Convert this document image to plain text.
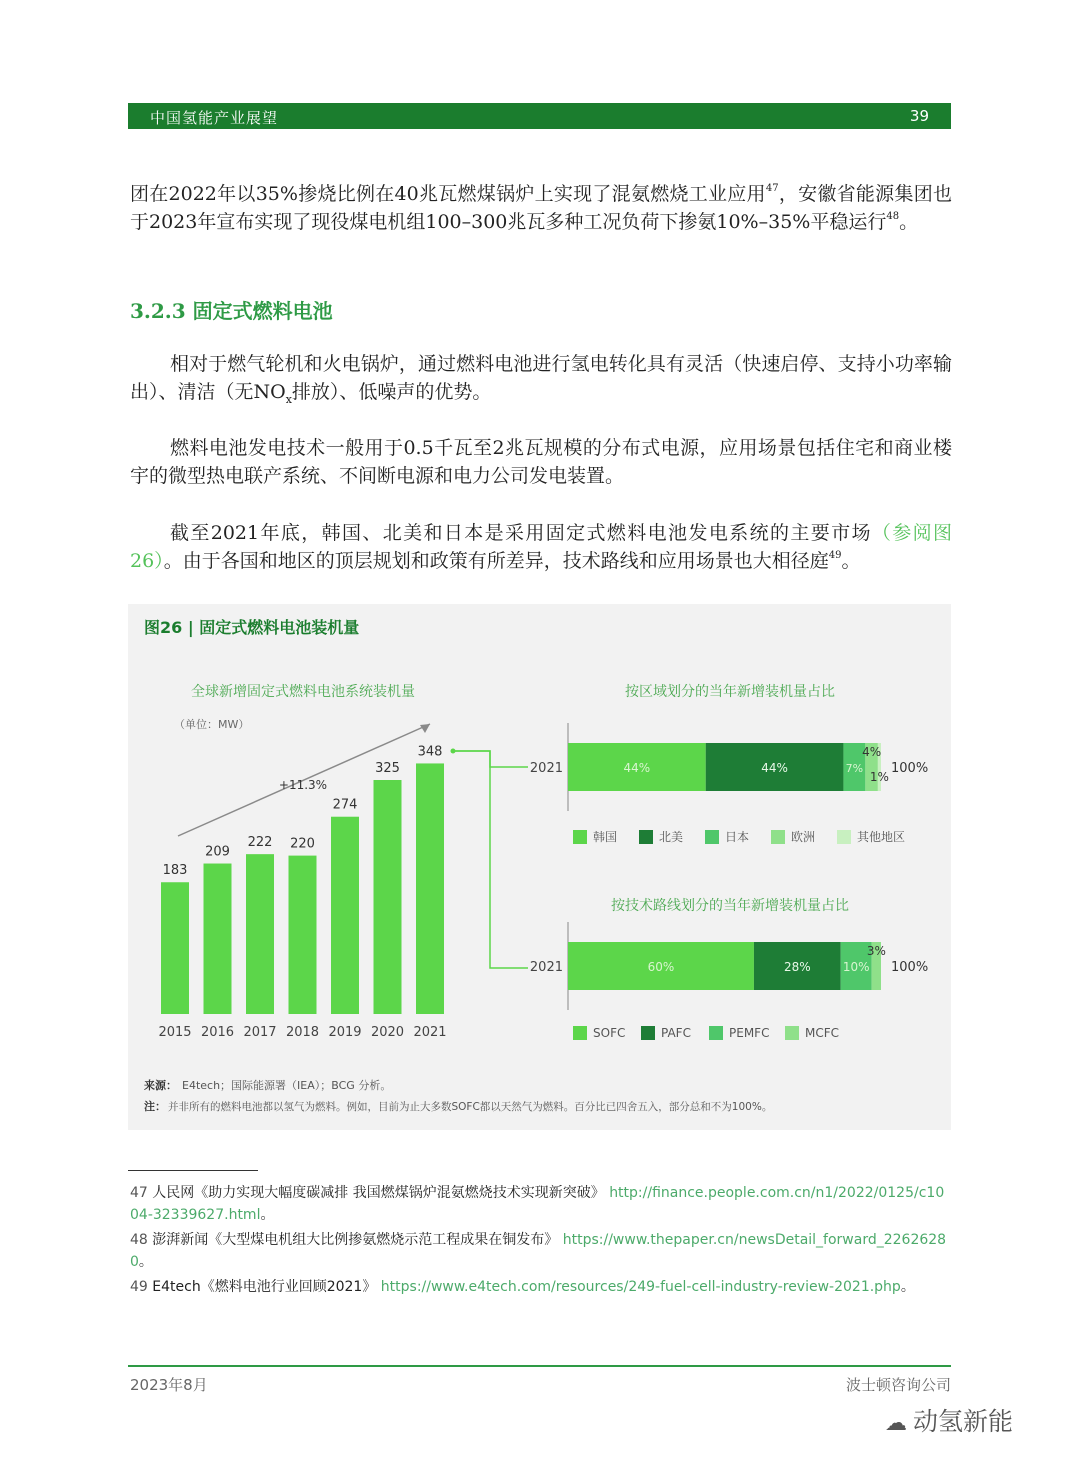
中国氢能产业展望	39

团在2022年以35%掺烧比例在40兆瓦燃煤锅炉上实现了混氨燃烧工业应用$^{47}$，安徽省能源集团也于2023年宣布实现了现役煤电机组100–300兆瓦多种工况负荷下掺氨10%–35%平稳运行$^{48}$。

3.2.3 固定式燃料电池

相对于燃气轮机和火电锅炉，通过燃料电池进行氢电转化具有灵活（快速启停、支持小功率输出）、清洁（无$NO_x$排放）、低噪声的优势。

燃料电池发电技术一般用于0.5千瓦至2兆瓦规模的分布式电源，应用场景包括住宅和商业楼宇的微型热电联产系统、不间断电源和电力公司发电装置。

截至2021年底，韩国、北美和日本是采用固定式燃料电池发电系统的主要市场（参阅图26）。由于各国和地区的顶层规划和政策有所差异，技术路线和应用场景也大相径庭$^{49}$。

图26 | 固定式燃料电池装机量
全球新增固定式燃料电池系统装机量
（单位：MW）
+11.3%
183
2015
209
2016
222
2017
220
2018
274
2019
325
2020
348
2021
按区域划分的当年新增装机量占比
按技术路线划分的当年新增装机量占比
2021	44%	44%	7%
4%
1%
100%
韩国	北美	日本	欧洲	其他地区
2021	60%	28%	10%
3%
100%
SOFC	PAFC	PEMFC	MCFC
来源： E4tech；国际能源署（IEA）；BCG 分析。
注： 并非所有的燃料电池都以氢气为燃料。例如，目前为止大多数SOFC都以天然气为燃料。百分比已四舍五入，部分总和不为100%。
47 人民网《助力实现大幅度碳减排 我国燃煤锅炉混氨燃烧技术实现新突破》 http://finance.people.com.cn/n1/2022/0125/c1004-32339627.html。
48 澎湃新闻《大型煤电机组大比例掺氨燃烧示范工程成果在铜发布》 https://www.thepaper.cn/newsDetail_forward_22626280。
49 E4tech《燃料电池行业回顾2021》 https://www.e4tech.com/resources/249-fuel-cell-industry-review-2021.php。
2023年8月	波士顿咨询公司
☁ 动氢新能
